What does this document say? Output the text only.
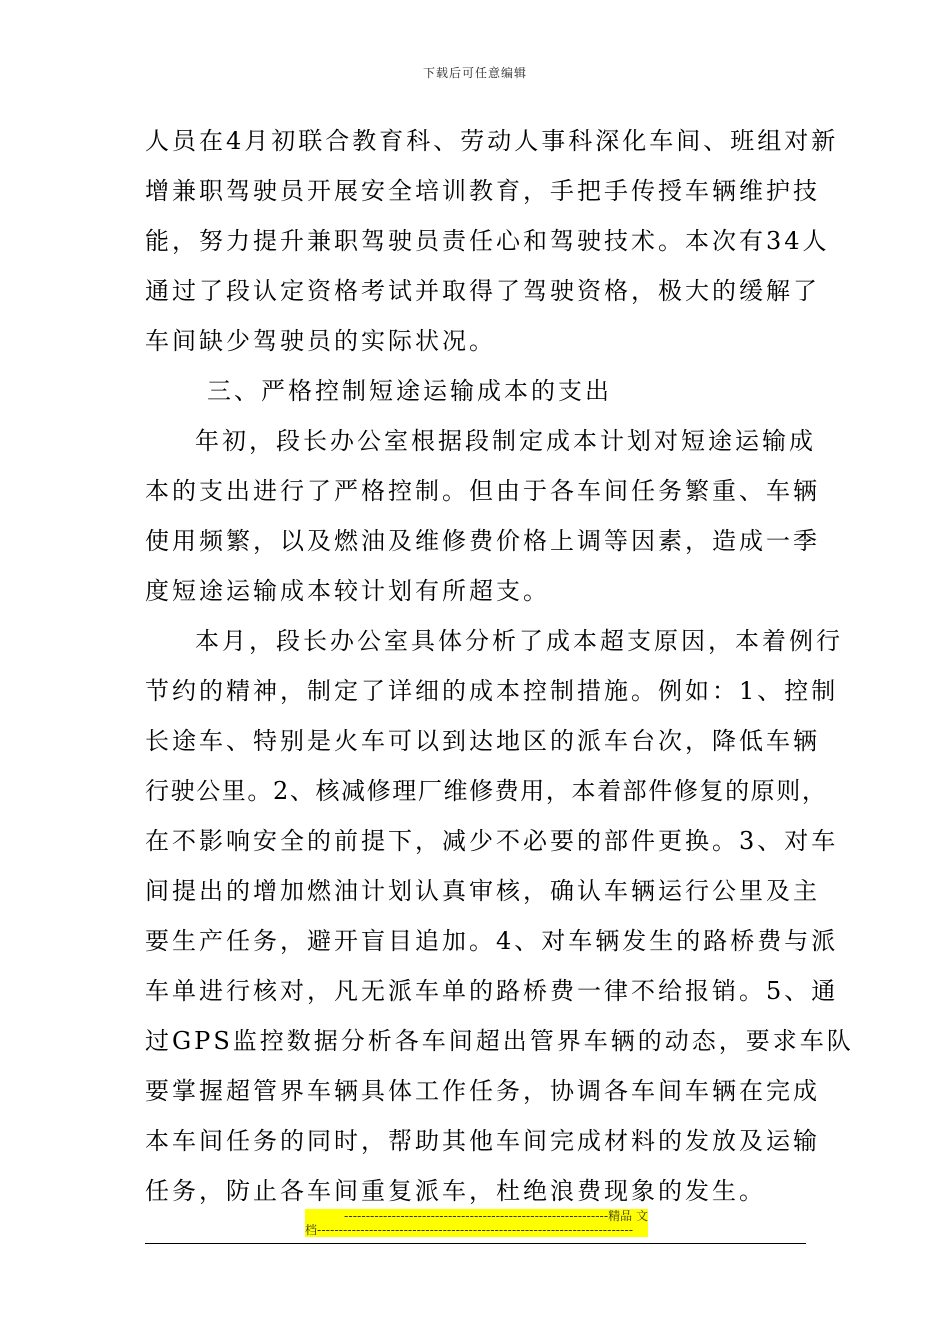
下载后可任意编辑
人员在4月初联合教育科、劳动人事科深化车间、班组对新
增兼职驾驶员开展安全培训教育，手把手传授车辆维护技
能，努力提升兼职驾驶员责任心和驾驶技术。本次有34人
通过了段认定资格考试并取得了驾驶资格，极大的缓解了
车间缺少驾驶员的实际状况。
三、严格控制短途运输成本的支出
年初，段长办公室根据段制定成本计划对短途运输成
本的支出进行了严格控制。但由于各车间任务繁重、车辆
使用频繁，以及燃油及维修费价格上调等因素，造成一季
度短途运输成本较计划有所超支。
本月，段长办公室具体分析了成本超支原因，本着例行
节约的精神，制定了详细的成本控制措施。例如：1、控制
长途车、特别是火车可以到达地区的派车台次，降低车辆
行驶公里。2、核减修理厂维修费用，本着部件修复的原则，
在不影响安全的前提下，减少不必要的部件更换。3、对车
间提出的增加燃油计划认真审核，确认车辆运行公里及主
要生产任务，避开盲目追加。4、对车辆发生的路桥费与派
车单进行核对，凡无派车单的路桥费一律不给报销。5、通
过GPS监控数据分析各车间超出管界车辆的动态，要求车队
要掌握超管界车辆具体工作任务，协调各车间车辆在完成
本车间任务的同时，帮助其他车间完成材料的发放及运输
任务，防止各车间重复派车，杜绝浪费现象的发生。
-------------------------------------------------------------精品 文
档-------------------------------------------------------------------------
